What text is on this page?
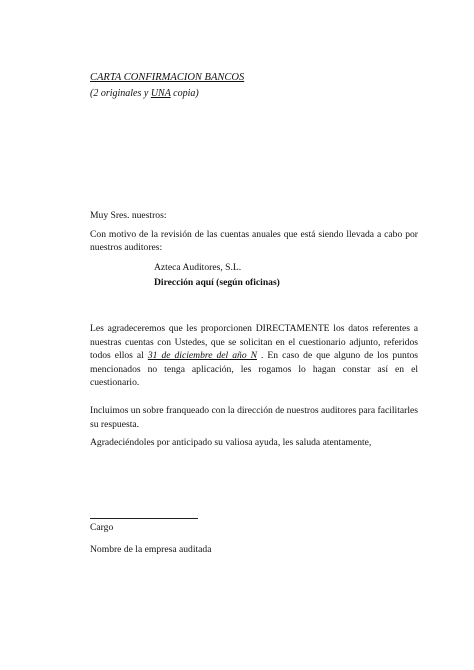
CARTA CONFIRMACION BANCOS
(2 originales y UNA copia)
Muy Sres. nuestros:
Con motivo de la revisión de las cuentas anuales que está siendo llevada a cabo por nuestros auditores:
Azteca Auditores, S.L.
Dirección aquí (según oficinas)
Les agradeceremos que les proporcionen DIRECTAMENTE los datos referentes a nuestras cuentas con Ustedes, que se solicitan en el cuestionario adjunto, referidos todos ellos al 31 de diciembre del año N . En caso de que alguno de los puntos mencionados no tenga aplicación, les rogamos lo hagan constar así en el cuestionario.
Incluimos un sobre franqueado con la dirección de nuestros auditores para facilitarles su respuesta.
Agradeciéndoles por anticipado su valiosa ayuda, les saluda atentamente,
Cargo
Nombre de la empresa auditada
